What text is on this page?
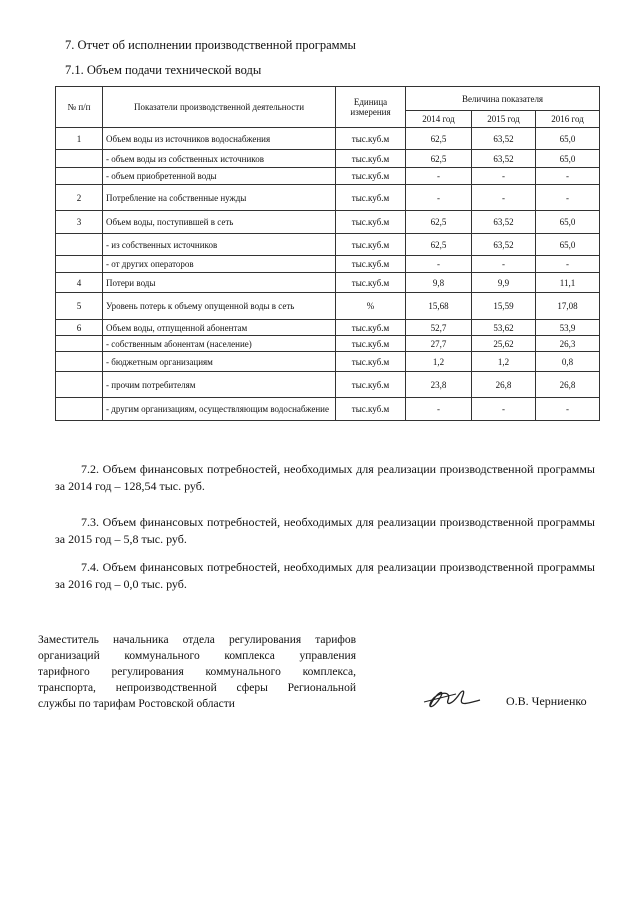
7. Отчет об исполнении производственной программы
7.1. Объем подачи технической воды
№ п/п	Показатели производственной деятельности	Единица измерения	Величина показателя		
			2014 год	2015 год	2016 год
1	Объем воды из источников водоснабжения	тыс.куб.м	62,5	63,52	65,0
	- объем воды из собственных источников	тыс.куб.м	62,5	63,52	65,0
	- объем приобретенной воды	тыс.куб.м	-	-	-
2	Потребление на собственные нужды	тыс.куб.м	-	-	-
3	Объем воды, поступившей в сеть	тыс.куб.м	62,5	63,52	65,0
	- из собственных источников	тыс.куб.м	62,5	63,52	65,0
	- от других операторов	тыс.куб.м	-	-	-
4	Потери воды	тыс.куб.м	9,8	9,9	11,1
5	Уровень потерь к объему опущенной воды в сеть	%	15,68	15,59	17,08
6	Объем воды, отпущенной абонентам	тыс.куб.м	52,7	53,62	53,9
	- собственным абонентам (население)	тыс.куб.м	27,7	25,62	26,3
	- бюджетным организациям	тыс.куб.м	1,2	1,2	0,8
	- прочим потребителям	тыс.куб.м	23,8	26,8	26,8
	- другим организациям, осуществляющим водоснабжение	тыс.куб.м	-	-	-
7.2. Объем финансовых потребностей, необходимых для реализации производственной программы за 2014 год – 128,54 тыс. руб.
7.3. Объем финансовых потребностей, необходимых для реализации производственной программы за 2015 год – 5,8 тыс. руб.
7.4. Объем финансовых потребностей, необходимых для реализации производственной программы за 2016 год – 0,0 тыс. руб.
Заместитель начальника отдела регулирования тарифов
организаций коммунального комплекса управления
тарифного регулирования коммунального комплекса,
транспорта, непроизводственной сферы Региональной
службы по тарифам Ростовской области	О.В. Черниенко
